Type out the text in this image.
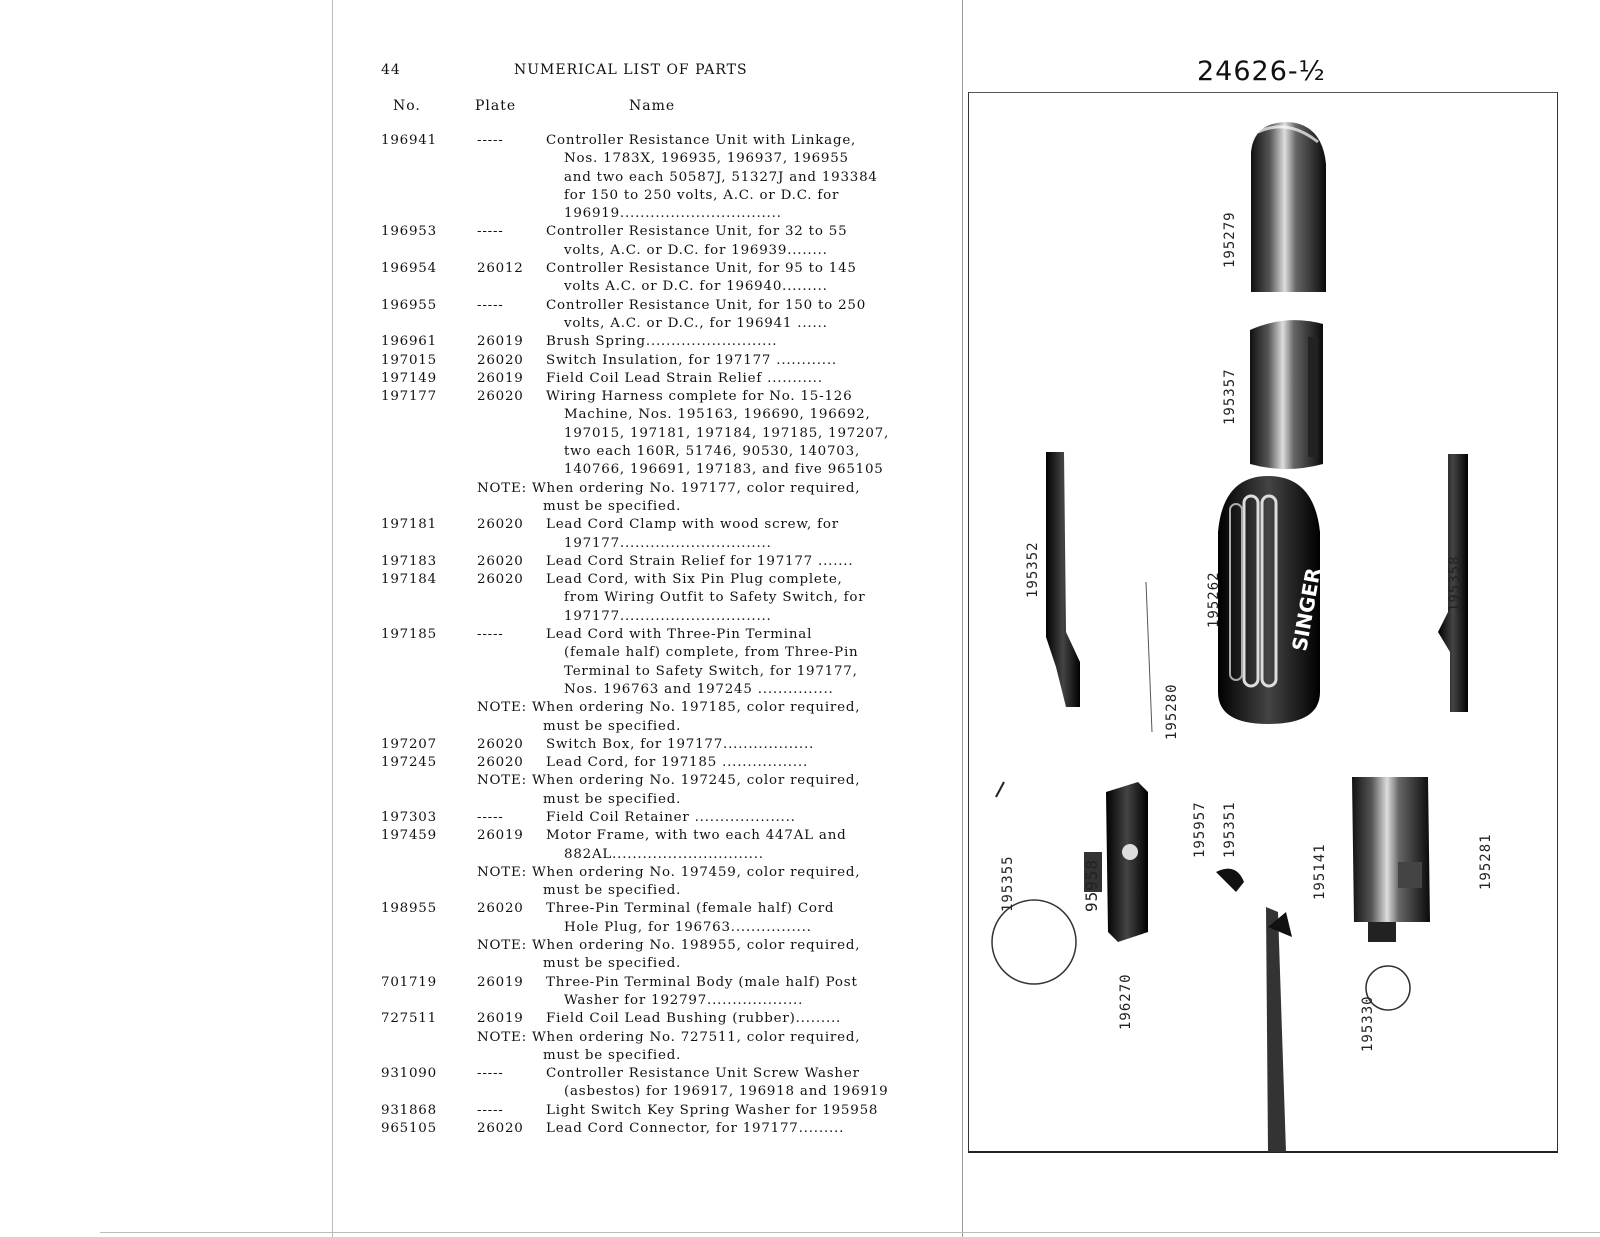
44	NUMERICAL LIST OF PARTS
No.	Plate	Name
196941	-----	Controller Resistance Unit with Linkage,
Nos. 1783X, 196935, 196937, 196955
and two each 50587J, 51327J and 193384
for 150 to 250 volts, A.C. or D.C. for
196919................................
196953	-----	Controller Resistance Unit, for 32 to 55
volts, A.C. or D.C. for 196939........
196954	26012	Controller Resistance Unit, for 95 to 145
volts A.C. or D.C. for 196940.........
196955	-----	Controller Resistance Unit, for 150 to 250
volts, A.C. or D.C., for 196941 ......
196961	26019	Brush Spring..........................
197015	26020	Switch Insulation, for 197177 ............
197149	26019	Field Coil Lead Strain Relief ...........
197177	26020	Wiring Harness complete for No. 15-126
Machine, Nos. 195163, 196690, 196692,
197015, 197181, 197184, 197185, 197207,
two each 160R, 51746, 90530, 140703,
140766, 196691, 197183, and five 965105
NOTE: When ordering No. 197177, color required,
must be specified.
197181	26020	Lead Cord Clamp with wood screw, for
197177..............................
197183	26020	Lead Cord Strain Relief for 197177 .......
197184	26020	Lead Cord, with Six Pin Plug complete,
from Wiring Outfit to Safety Switch, for
197177..............................
197185	-----	Lead Cord with Three-Pin Terminal
(female half) complete, from Three-Pin
Terminal to Safety Switch, for 197177,
Nos. 196763 and 197245 ...............
NOTE: When ordering No. 197185, color required,
must be specified.
197207	26020	Switch Box, for 197177..................
197245	26020	Lead Cord, for 197185 .................
NOTE: When ordering No. 197245, color required,
must be specified.
197303	-----	Field Coil Retainer ....................
197459	26019	Motor Frame, with two each 447AL and
882AL..............................
NOTE: When ordering No. 197459, color required,
must be specified.
198955	26020	Three-Pin Terminal (female half) Cord
Hole Plug, for 196763................
NOTE: When ordering No. 198955, color required,
must be specified.
701719	26019	Three-Pin Terminal Body (male half) Post
Washer for 192797...................
727511	26019	Field Coil Lead Bushing (rubber).........
NOTE: When ordering No. 727511, color required,
must be specified.
931090	-----	Controller Resistance Unit Screw Washer
(asbestos) for 196917, 196918 and 196919
931868	-----	Light Switch Key Spring Washer for 195958
965105	26020	Lead Cord Connector, for 197177.........
24626-½
SINGER
195279
195357
195262
195352	195358
195280
95958
195957 195351
195141	195281
195355
195330
196270
